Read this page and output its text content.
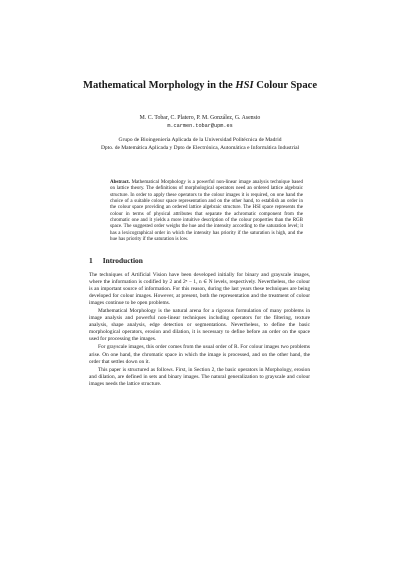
Mathematical Morphology in the HSI Colour Space
M. C. Tobar, C. Platero, P. M. González, G. Asensio
m.carmen.tobar@upm.es
Grupo de Bioingeniería Aplicada de la Universidad Politécnica de Madrid
Dpto. de Matemática Aplicada y Dpto de Electrónica, Automática e Informática Industrial
Abstract. Mathematical Morphology is a powerful non-linear image analysis technique based on lattice theory. The definitions of morphological operators need an ordered lattice algebraic structure. In order to apply these operators to the colour images it is required, on one hand the choice of a suitable colour space representation and on the other hand, to establish an order in the colour space providing an ordered lattice algebraic structure. The HSI space represents the colour in terms of physical attributes that separate the achromatic component from the chromatic one and it yields a more intuitive description of the colour properties than the RGB space. The suggested order weighs the hue and the intensity according to the saturation level; it has a lexicographical order in which the intensity has priority if the saturation is high, and the hue has priority if the saturation is low.
1 Introduction

The techniques of Artificial Vision have been developed initially for binary and grayscale images, where the information is codified by 2 and 2ⁿ − 1, n ∈ N levels, respectively. Nevertheless, the colour is an important source of information. For this reason, during the last years these techniques are being developed for colour images. However, at present, both the representation and the treatment of colour images continue to be open problems.

Mathematical Morphology is the natural arena for a rigorous formulation of many problems in image analysis and powerful non-linear techniques including operators for the filtering, texture analysis, shape analysis, edge detection or segmentations. Nevertheless, to define the basic morphological operators, erosion and dilation, it is necessary to define before an order on the space used for processing the images.

For grayscale images, this order comes from the usual order of R. For colour images two problems arise. On one hand, the chromatic space in which the image is processed, and on the other hand, the order that settles down on it.

This paper is structured as follows. First, in Section 2, the basic operators in Morphology, erosion and dilation, are defined in sets and binary images. The natural generalization to grayscale and colour images needs the lattice structure.
